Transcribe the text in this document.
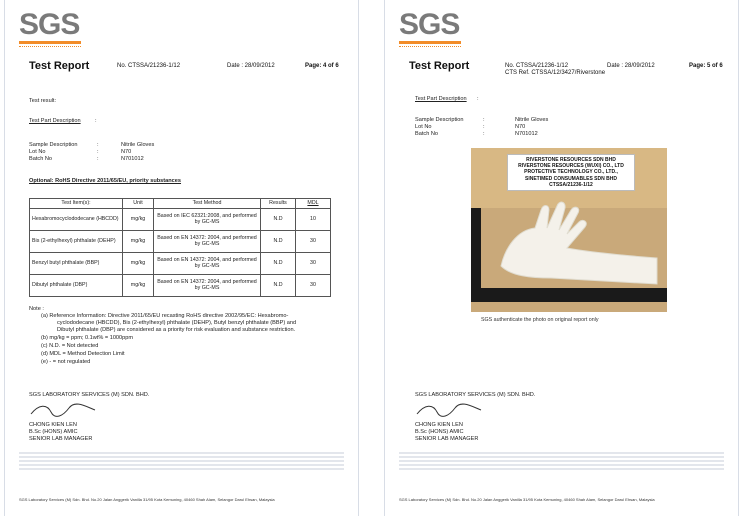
SGS
Test Report	No. CTSSA/21236-1/12	Date : 28/09/2012	Page: 4 of 6
Test result:
Test Part Description	:
Sample Description	:	Nitrile Gloves
Lot No	:	N70
Batch No	:	N701012
Optional: RoHS Directive 2011/65/EU, priority substances
Test Item(s):	Unit	Test Method	Results	MDL
Hexabromocyclododecane (HBCDD)	mg/kg	Based on IEC 62321:2008, and performed by GC-MS	N.D	10
Bis (2-ethylhexyl) phthalate (DEHP)	mg/kg	Based on EN 14372: 2004, and performed by GC-MS	N.D	30
Benzyl butyl phthalate (BBP)	mg/kg	Based on EN 14372: 2004, and performed by GC-MS	N.D	30
Dibutyl phthalate (DBP)	mg/kg	Based on EN 14372: 2004, and performed by GC-MS	N.D	30
Note :
(a) Reference Information: Directive 2011/65/EU recasting RoHS directive 2002/95/EC: Hexabromo-
cyclododecane (HBCDD), Bis (2-ethylhexyl) phthalate (DEHP), Butyl benzyl phthalate (BBP) and
Dibutyl phthalate (DBP) are considered as a priority for risk evaluation and substance restriction.
(b) mg/kg = ppm; 0.1wt% = 1000ppm
(c) N.D. = Not detected
(d) MDL = Method Detection Limit
(e) - = not regulated
SGS LABORATORY SERVICES (M) SDN. BHD.
CHONG KIEN LEN
B.Sc (HONS) AMIC
SENIOR LAB MANAGER
SGS Laboratory Services (M) Sdn. Bhd. No.20 Jalan Anggerik Vanilla 31/95 Kota Kemuning, 40460 Shah Alam, Selangor Darul Ehsan, Malaysia
SGS
Test Report	No. CTSSA/21236-1/12	Date : 28/09/2012	Page: 5 of 6
CTS Ref. CTSSA/12/3427/Riverstone
Test Part Description :
Sample Description	:	Nitrile Gloves
Lot No	:	N70
Batch No	:	N701012
RIVERSTONE RESOURCES SDN BHD
RIVERSTONE RESOURCES (WUXI) CO., LTD
PROTECTIVE TECHNOLOGY CO., LTD.,
SINETIMED CONSUMABLES SDN BHD
CTSSA/21236-1/12
SGS authenticate the photo on original report only
SGS LABORATORY SERVICES (M) SDN. BHD.
CHONG KIEN LEN
B.Sc (HONS) AMIC
SENIOR LAB MANAGER
SGS Laboratory Services (M) Sdn. Bhd. No.20 Jalan Anggerik Vanilla 31/95 Kota Kemuning, 40460 Shah Alam, Selangor Darul Ehsan, Malaysia
